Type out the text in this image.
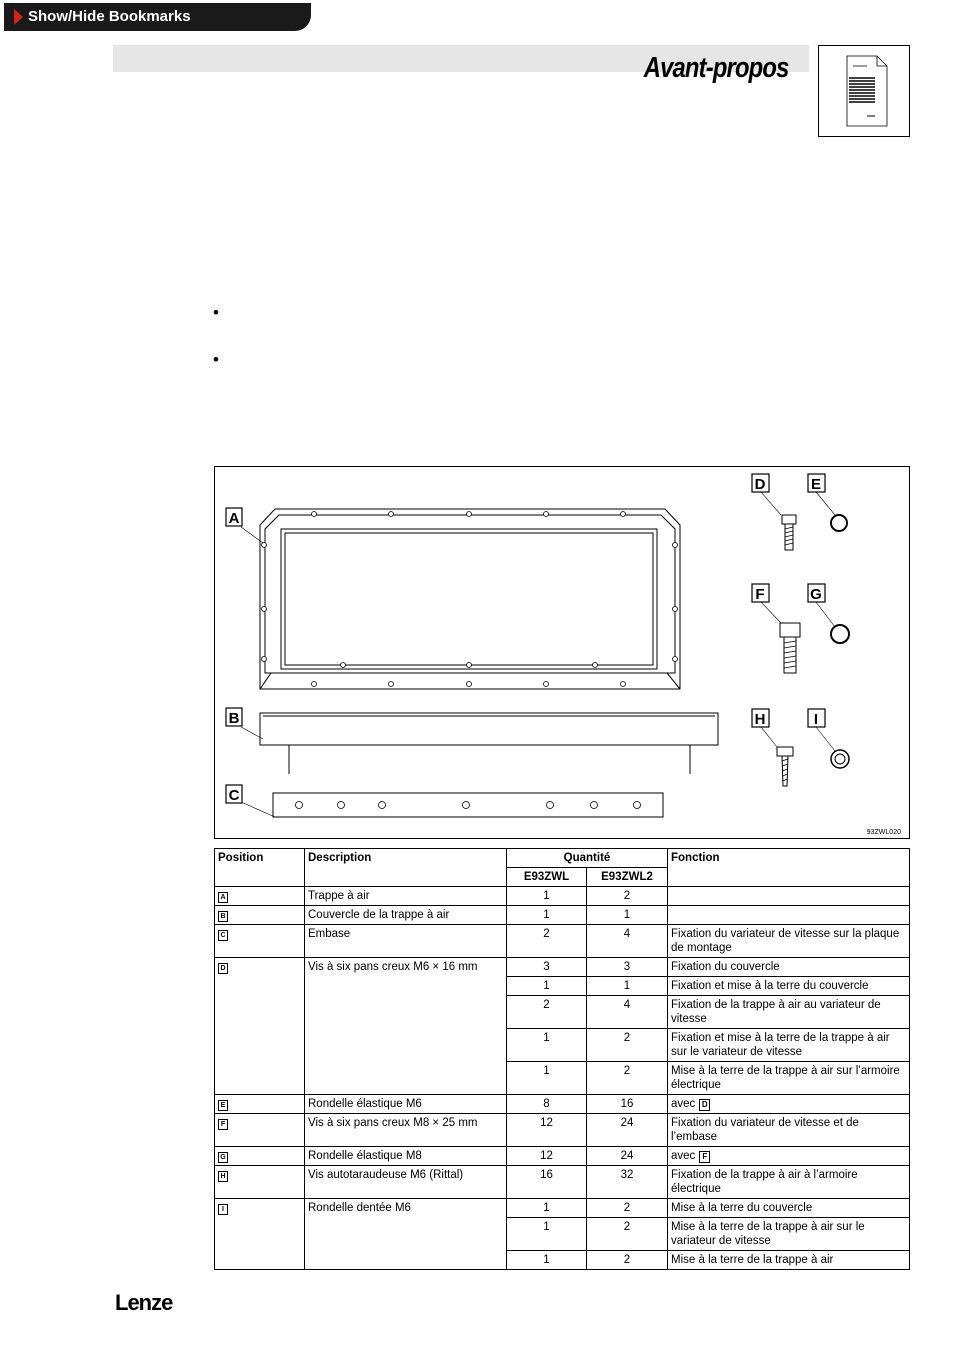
Show/Hide Bookmarks
Avant-propos
•
•
A
B
C
D	E
F	G
H	I
93ZWL020
Position	Description	Quantité		Fonction
		E93ZWL	E93ZWL2	
A	Trappe à air	1	2	
B	Couvercle de la trappe à air	1	1	
C	Embase	2	4	Fixation du variateur de vitesse sur la plaque de montage
D	Vis à six pans creux M6 × 16 mm	3	3	Fixation du couvercle
		1	1	Fixation et mise à la terre du couvercle
		2	4	Fixation de la trappe à air au variateur de vitesse
		1	2	Fixation et mise à la terre de la trappe à air sur le variateur de vitesse
		1	2	Mise à la terre de la trappe à air sur l’armoire électrique
E	Rondelle élastique M6	8	16	avec D
F	Vis à six pans creux M8 × 25 mm	12	24	Fixation du variateur de vitesse et de l’embase
G	Rondelle élastique M8	12	24	avec F
H	Vis autotaraudeuse M6 (Rittal)	16	32	Fixation de la trappe à air à l’armoire électrique
I	Rondelle dentée M6	1	2	Mise à la terre du couvercle
		1	2	Mise à la terre de la trappe à air sur le variateur de vitesse
		1	2	Mise à la terre de la trappe à air
Lenze
